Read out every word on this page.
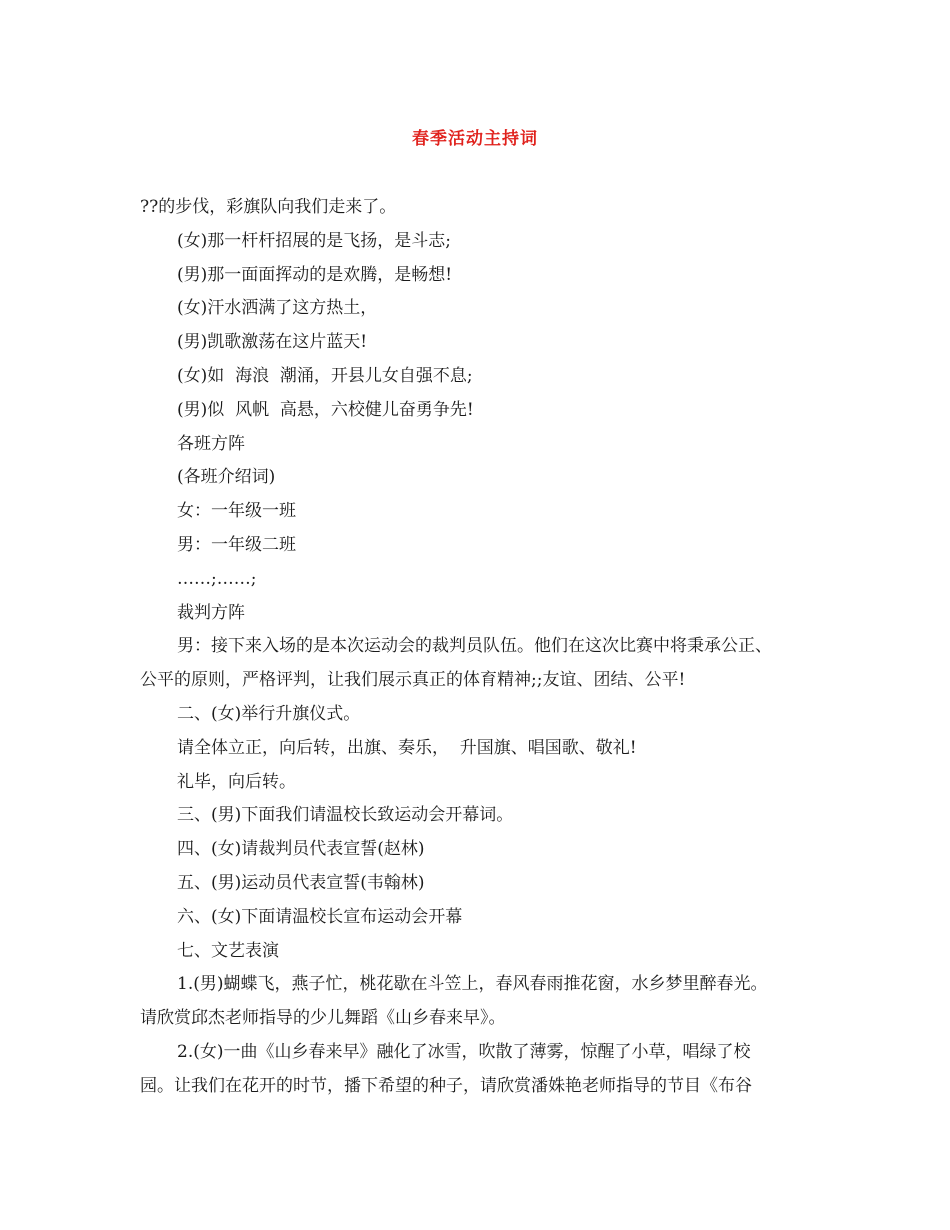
春季活动主持词

??的步伐，彩旗队向我们走来了。

(女)那一杆杆招展的是飞扬，是斗志;

(男)那一面面挥动的是欢腾，是畅想!

(女)汗水洒满了这方热土，

(男)凯歌激荡在这片蓝天!

(女)如  海浪  潮涌，开县儿女自强不息;

(男)似  风帆  高悬，六校健儿奋勇争先!

各班方阵

(各班介绍词)

女：一年级一班

男：一年级二班

……;……;

裁判方阵

男：接下来入场的是本次运动会的裁判员队伍。他们在这次比赛中将秉承公正、

公平的原则，严格评判，让我们展示真正的体育精神;;友谊、团结、公平!

二、(女)举行升旗仪式。

请全体立正，向后转，出旗、奏乐，  升国旗、唱国歌、敬礼!

礼毕，向后转。

三、(男)下面我们请温校长致运动会开幕词。

四、(女)请裁判员代表宣誓(赵林)

五、(男)运动员代表宣誓(韦翰林)

六、(女)下面请温校长宣布运动会开幕

七、文艺表演

1.(男)蝴蝶飞，燕子忙，桃花歇在斗笠上，春风春雨推花窗，水乡梦里醉春光。

请欣赏邱杰老师指导的少儿舞蹈《山乡春来早》。

2.(女)一曲《山乡春来早》融化了冰雪，吹散了薄雾，惊醒了小草，唱绿了校

园。让我们在花开的时节，播下希望的种子，请欣赏潘姝艳老师指导的节目《布谷
